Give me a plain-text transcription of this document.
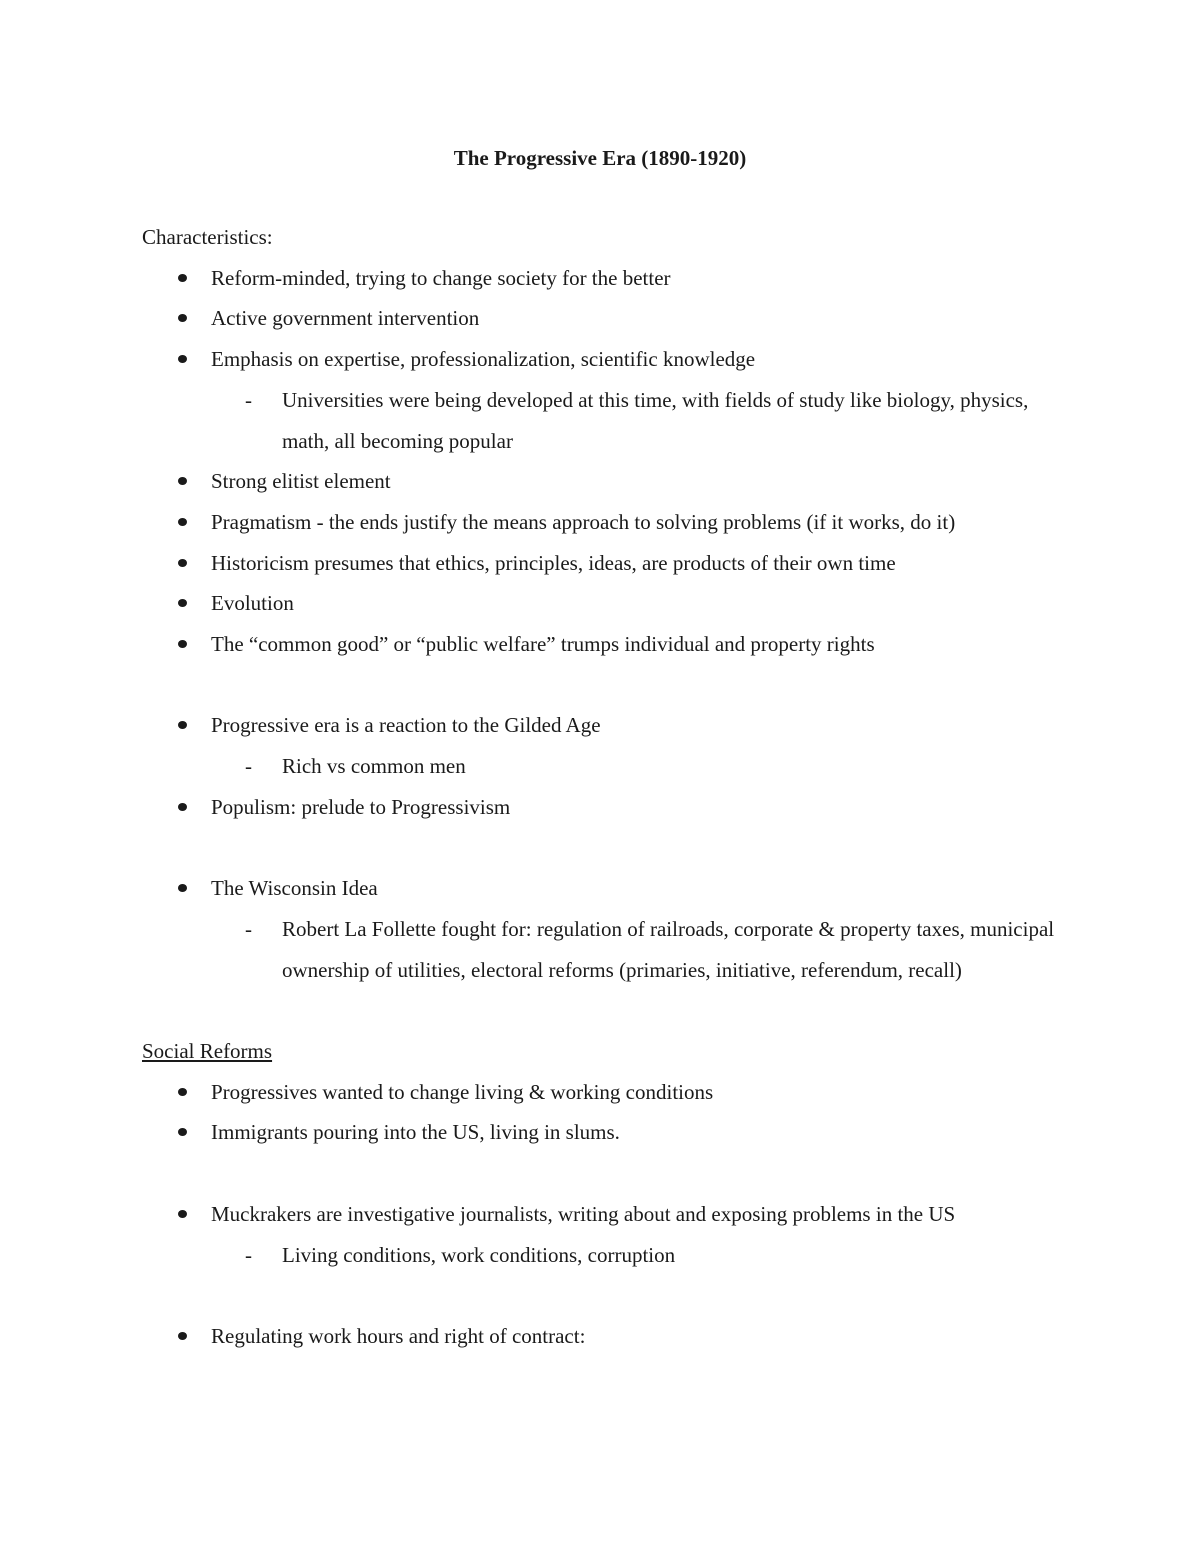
The Progressive Era (1890-1920)

Characteristics:

Reform-minded, trying to change society for the better
Active government intervention
Emphasis on expertise, professionalization, scientific knowledge
- Universities were being developed at this time, with fields of study like biology, physics, math, all becoming popular
Strong elitist element
Pragmatism - the ends justify the means approach to solving problems (if it works, do it)
Historicism presumes that ethics, principles, ideas, are products of their own time
Evolution
The “common good” or “public welfare” trumps individual and property rights
Progressive era is a reaction to the Gilded Age
- Rich vs common men
Populism: prelude to Progressivism
The Wisconsin Idea
- Robert La Follette fought for: regulation of railroads, corporate & property taxes, municipal ownership of utilities, electoral reforms (primaries, initiative, referendum, recall)

Social Reforms

Progressives wanted to change living & working conditions
Immigrants pouring into the US, living in slums.
Muckrakers are investigative journalists, writing about and exposing problems in the US
- Living conditions, work conditions, corruption
Regulating work hours and right of contract:
